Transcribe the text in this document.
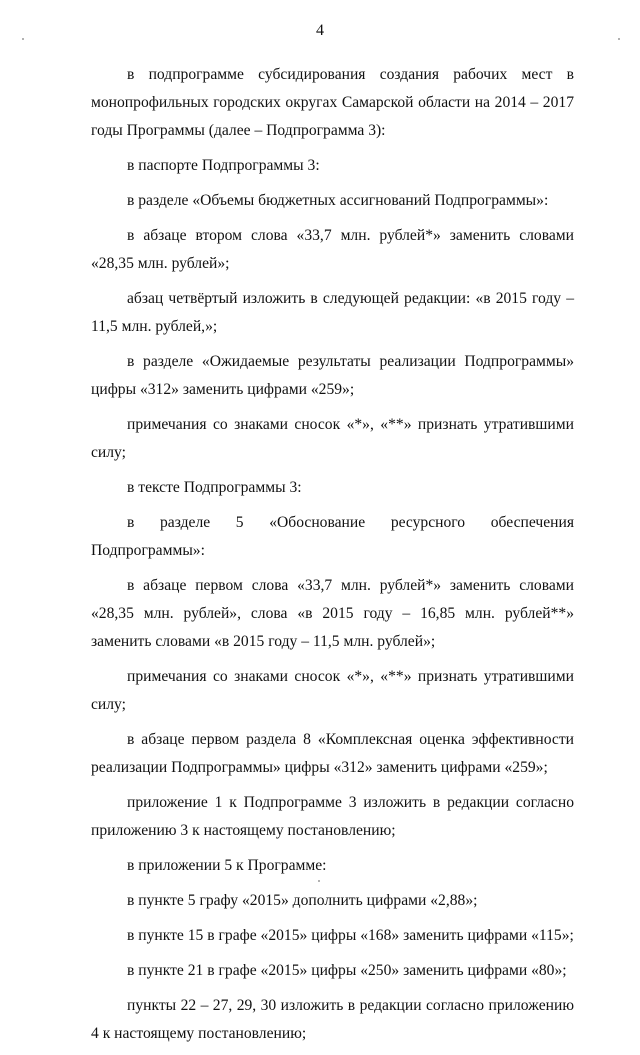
4

в подпрограмме субсидирования создания рабочих мест в монопрофильных городских округах Самарской области на 2014 – 2017 годы Программы (далее – Подпрограмма 3):

в паспорте Подпрограммы 3:

в разделе «Объемы бюджетных ассигнований Подпрограммы»:

в абзаце втором слова «33,7 млн. рублей*» заменить словами «28,35 млн. рублей»;

абзац четвёртый изложить в следующей редакции: «в 2015 году – 11,5 млн. рублей,»;

в разделе «Ожидаемые результаты реализации Подпрограммы» цифры «312» заменить цифрами «259»;

примечания со знаками сносок «*», «**» признать утратившими силу;

в тексте Подпрограммы 3:

в разделе 5 «Обоснование ресурсного обеспечения Подпрограммы»:

в абзаце первом слова «33,7 млн. рублей*» заменить словами «28,35 млн. рублей», слова «в 2015 году – 16,85 млн. рублей**» заменить словами «в 2015 году – 11,5 млн. рублей»;

примечания со знаками сносок «*», «**» признать утратившими силу;

в абзаце первом раздела 8 «Комплексная оценка эффективности реализации Подпрограммы» цифры «312» заменить цифрами «259»;

приложение 1 к Подпрограмме 3 изложить в редакции согласно приложению 3 к настоящему постановлению;

в приложении 5 к Программе:

в пункте 5 графу «2015» дополнить цифрами «2,88»;

в пункте 15 в графе «2015» цифры «168» заменить цифрами «115»;

в пункте 21 в графе «2015» цифры «250» заменить цифрами «80»;

пункты 22 – 27, 29, 30 изложить в редакции согласно приложению 4 к настоящему постановлению;
